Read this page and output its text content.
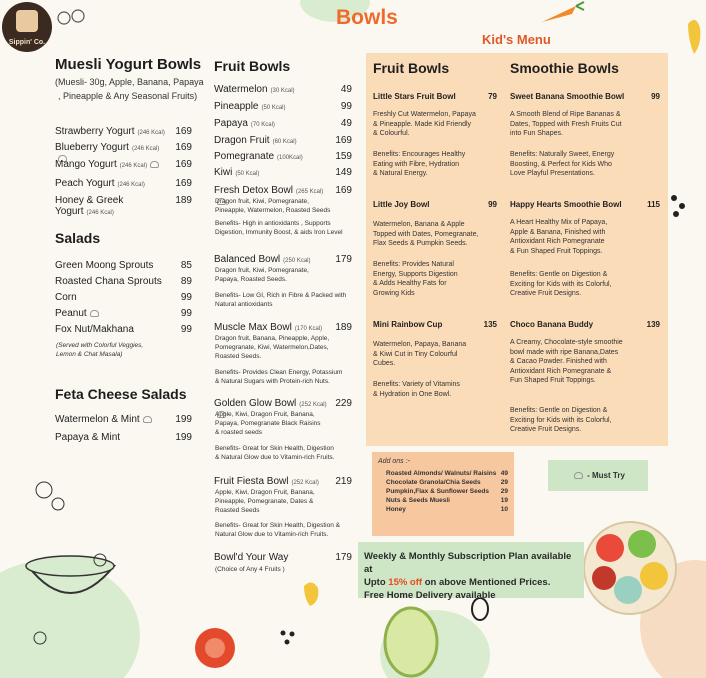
Sippin' Co.
Bowls
Kid's Menu
Muesli Yogurt Bowls
(Muesli- 30g, Apple, Banana, Papaya
, Pineapple & Any Seasonal Fruits)
Strawberry Yogurt (246 Kcal)	169
Blueberry Yogurt (246 Kcal)	169
Mango Yogurt (246 Kcal)	169
Peach Yogurt (246 Kcal)	169
Honey & Greek Yogurt (246 Kcal)
189
Salads
Green Moong Sprouts	85
Roasted Chana Sprouts	89
Corn	99
Peanut	99
Fox Nut/Makhana	99
(Served with Colorful Veggies,
Lemon & Chat Masala)
Feta Cheese Salads
Watermelon & Mint	199
Papaya & Mint	199
Fruit Bowls
Watermelon (30 Kcal)	49
Pineapple (50 Kcal)	99
Papaya (70 Kcal)	49
Dragon Fruit (60 Kcal)	169
Pomegranate (100Kcal)	159
Kiwi (50 Kcal)	149
Fresh Detox Bowl (265 Kcal)	169
Dragon fruit, Kiwi, Pomegranate,
Pineapple, Watermelon, Roasted Seeds
Benefits- High in antioxidants , Supports
Digestion, Immunity Boost, & aids Iron Level
Balanced Bowl (250 Kcal)	179
Dragon fruit, Kiwi, Pomegranate,
Papaya, Roasted Seeds.
Benefits- Low GI, Rich in Fibre & Packed with
Natural antioxidants
Muscle Max Bowl (170 Kcal)	189
Dragon fruit, Banana, Pineapple, Apple,
Pomegranate, Kiwi, Watermelon,Dates,
Roasted Seeds.
Benefits- Provides Clean Energy, Potassium
& Natural Sugars with Protein-rich Nuts.
Golden Glow Bowl (252 Kcal) 229
Apple, Kiwi, Dragon Fruit, Banana,
Papaya, Pomegranate Black Raisins
& roasted seeds
Benefits- Great for Skin Health, Digestion
& Natural Glow due to Vitamin-rich Fruits.
Fruit Fiesta Bowl (252 Kcal)	219
Apple, Kiwi, Dragon Fruit, Banana,
Pineapple, Pomegranate, Dates &
Roasted Seeds
Benefits- Great for Skin Health, Digestion &
Natural Glow due to Vitamin-rich Fruits.
Bowl'd Your Way	179
(Choice of Any 4 Fruits )
Fruit Bowls	Smoothie Bowls
Little Stars Fruit Bowl	79
Freshly Cut Watermelon, Papaya
& Pineapple. Made Kid Friendly
& Colourful.
Benefits: Encourages Healthy
Eating with Fibre, Hydration
& Natural Energy.
Little Joy Bowl	99
Watermelon, Banana & Apple
Topped with Dates, Pomegranate,
Flax Seeds & Pumpkin Seeds.
Benefits: Provides Natural
Energy, Supports Digestion
& Adds Healthy Fats for
Growing Kids
Mini Rainbow Cup	135
Watermelon, Papaya, Banana
& Kiwi Cut in Tiny Colourful
Cubes.
Benefits: Variety of Vitamins
& Hydration in One Bowl.
Sweet Banana Smoothie Bowl	99
A Smooth Blend of Ripe Bananas &
Dates, Topped with Fresh Fruits Cut
into Fun Shapes.
Benefits: Naturally Sweet, Energy
Boosting, & Perfect for Kids Who
Love Playful Presentations.
Happy Hearts Smoothie Bowl	115
A Heart Healthy Mix of Papaya,
Apple & Banana, Finished with
Antioxidant Rich Pomegranate
& Fun Shaped Fruit Toppings.
Benefits: Gentle on Digestion &
Exciting for Kids with its Colorful,
Creative Fruit Designs.
Choco Banana Buddy	139
A Creamy, Chocolate-style smoothie
bowl made with ripe Banana,Dates
& Cacao Powder. Finished with
Antioxidant Rich Pomegranate &
Fun Shaped Fruit Toppings.
Benefits: Gentle on Digestion &
Exciting for Kids with its Colorful,
Creative Fruit Designs.
Add ons :-
Roasted Almonds/ Walnuts/ Raisins 49
Chocolate Granola/Chia Seeds	29
Pumpkin,Flax & Sunflower Seeds	29
Nuts & Seeds Muesli	19
Honey	10
- Must Try
Weekly & Monthly Subscription Plan available at
Upto 15% off on above Mentioned Prices.
Free Home Delivery available
